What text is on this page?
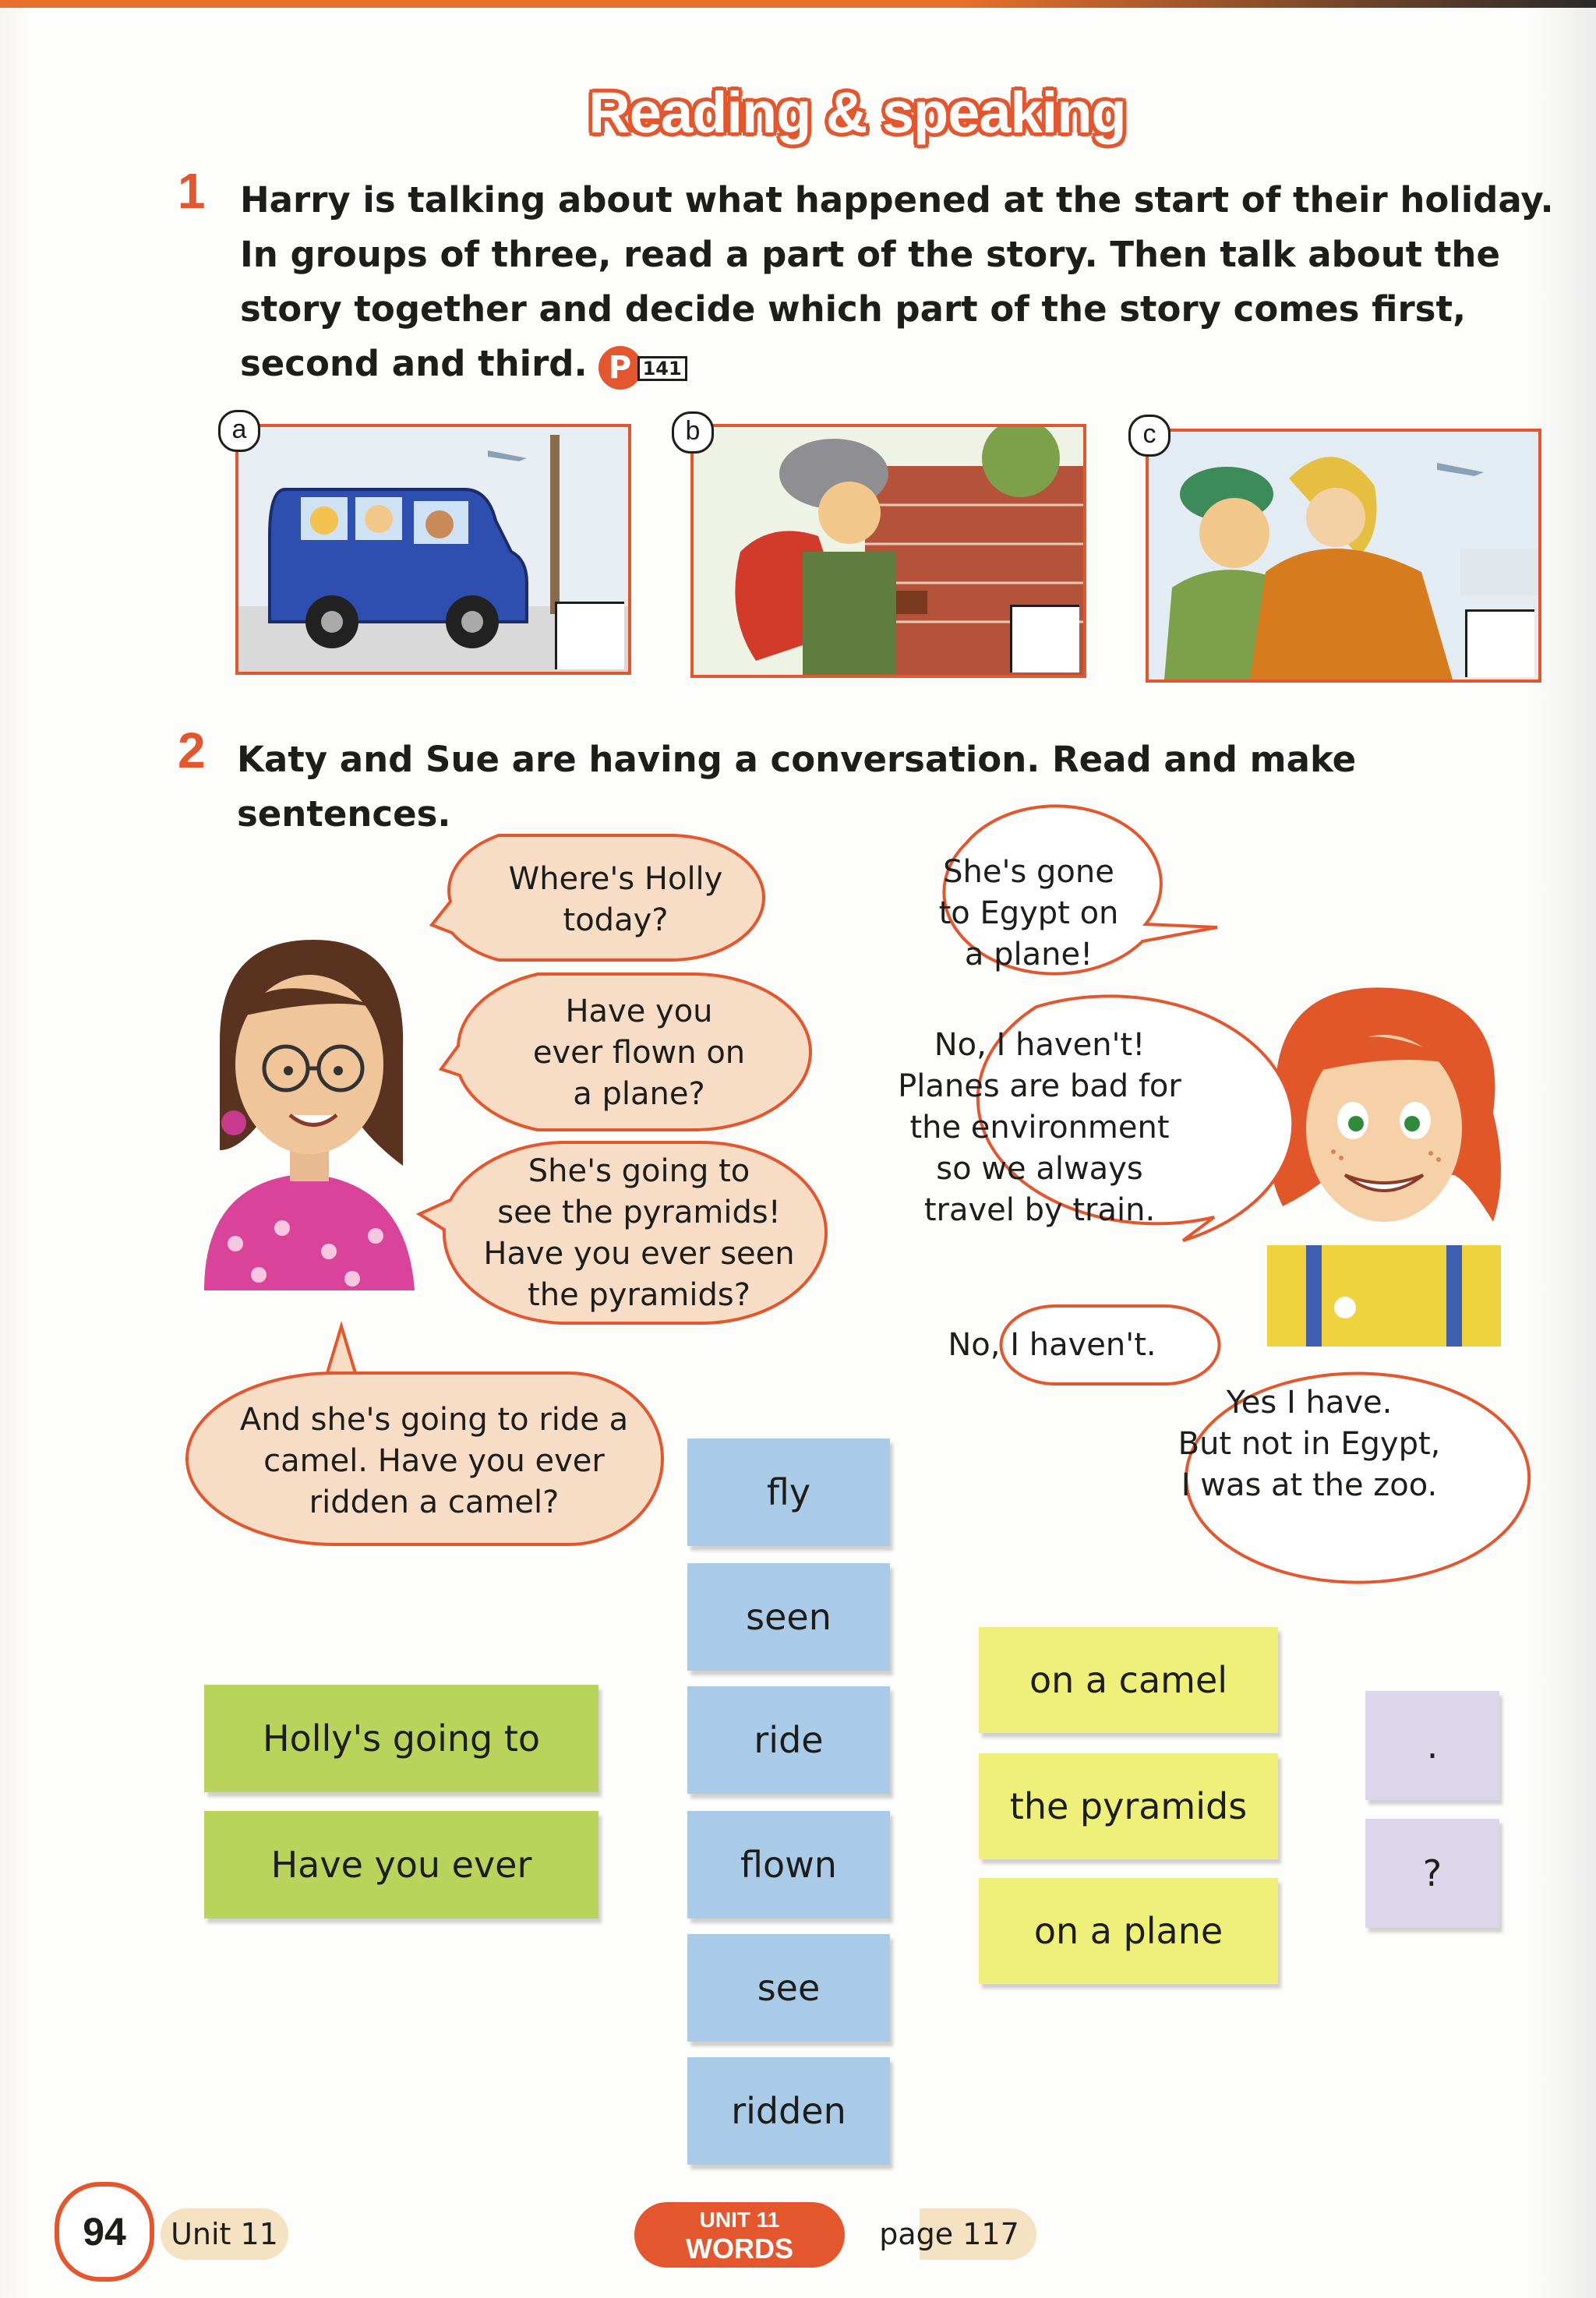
Reading & speaking
1 Harry is talking about what happened at the start of their holiday.
In groups of three, read a part of the story. Then talk about the
story together and decide which part of the story comes first,
second and third. P 141
a	b	c
2 Katy and Sue are having a conversation. Read and make sentences.
Where's Holly
today?
Have you
ever flown on
a plane?
She's going to
see the pyramids!
Have you ever seen
the pyramids?
And she's going to ride a
camel. Have you ever
ridden a camel?
She's gone
to Egypt on
a plane!
No, I haven't!
Planes are bad for
the environment
so we always
travel by train.
No, I haven't.
Yes I have.
But not in Egypt,
I was at the zoo.
Holly's going to
Have you ever
fly
seen
ride
flown
see
ridden
on a camel
the pyramids
on a plane
.
?
94	Unit 11	UNIT 11
WORDS	page 117
